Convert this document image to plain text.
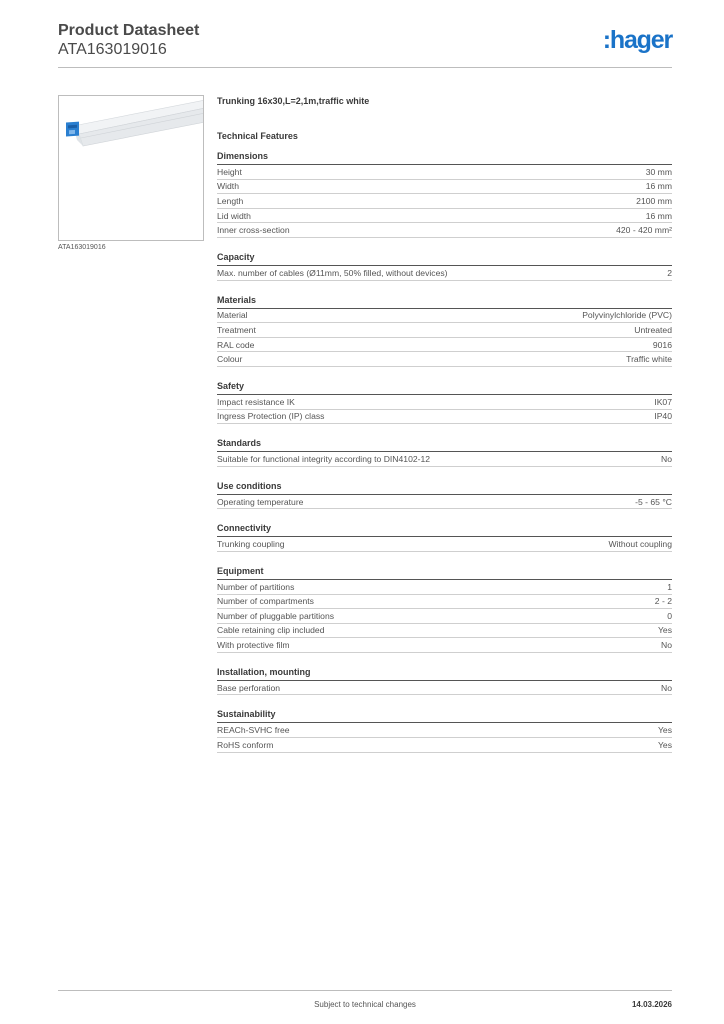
Product Datasheet
ATA163019016	:hager
ATA163019016
Trunking 16x30,L=2,1m,traffic white
Technical Features
Dimensions
Height	30 mm
Width	16 mm
Length	2100 mm
Lid width	16 mm
Inner cross-section	420 - 420 mm²
Capacity
Max. number of cables (Ø11mm, 50% filled, without devices)	2
Materials
Material	Polyvinylchloride (PVC)
Treatment	Untreated
RAL code	9016
Colour	Traffic white
Safety
Impact resistance IK	IK07
Ingress Protection (IP) class	IP40
Standards
Suitable for functional integrity according to DIN4102-12	No
Use conditions
Operating temperature	-5 - 65 °C
Connectivity
Trunking coupling	Without coupling
Equipment
Number of partitions	1
Number of compartments	2 - 2
Number of pluggable partitions	0
Cable retaining clip included	Yes
With protective film	No
Installation, mounting
Base perforation	No
Sustainability
REACh-SVHC free	Yes
RoHS conform	Yes
Subject to technical changes	14.03.2026
